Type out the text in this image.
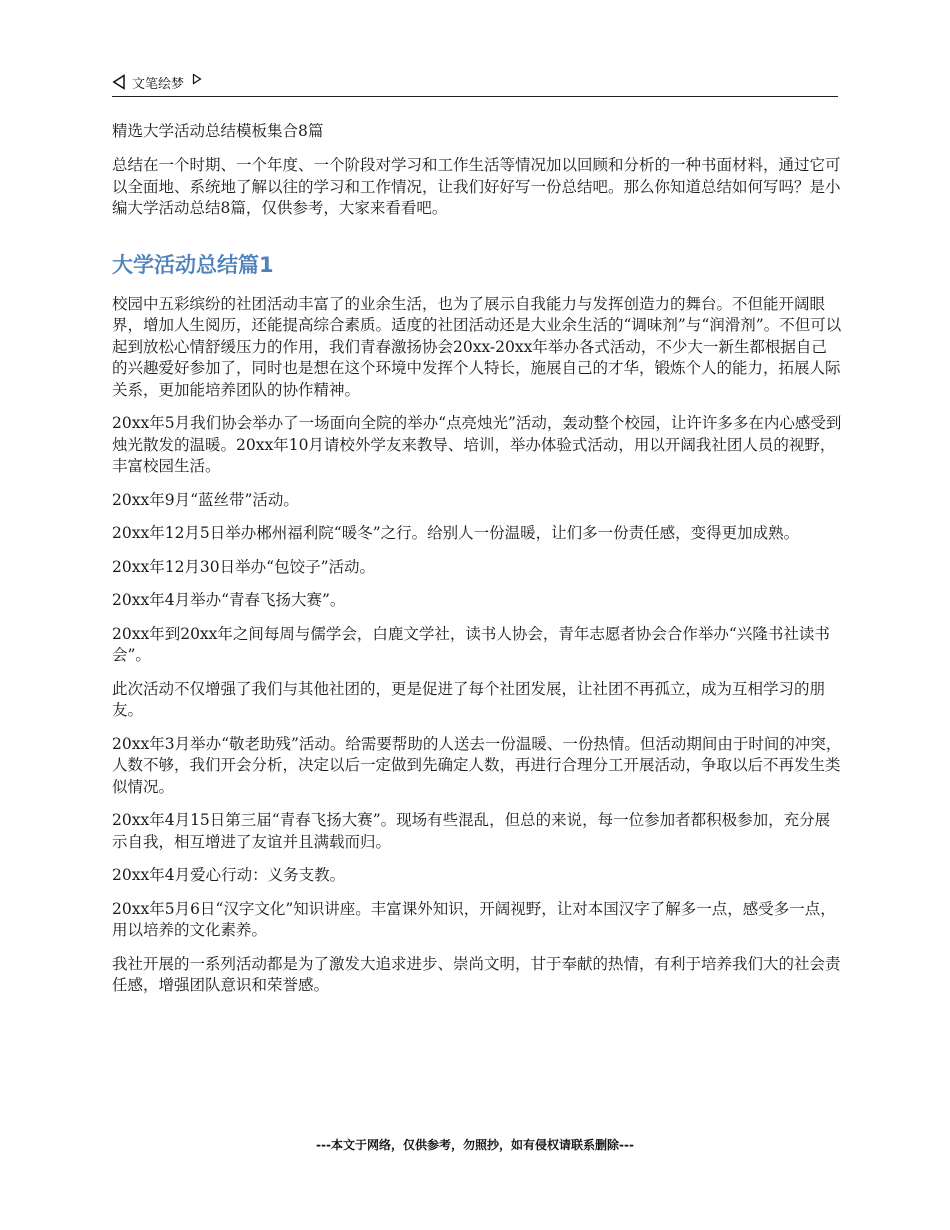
文笔绘梦
精选大学活动总结模板集合8篇

总结在一个时期、一个年度、一个阶段对学习和工作生活等情况加以回顾和分析的一种书面材料，通过它可以全面地、系统地了解以往的学习和工作情况，让我们好好写一份总结吧。那么你知道总结如何写吗？是小编大学活动总结8篇，仅供参考，大家来看看吧。

大学活动总结篇1

校园中五彩缤纷的社团活动丰富了的业余生活，也为了展示自我能力与发挥创造力的舞台。不但能开阔眼界，增加人生阅历，还能提高综合素质。适度的社团活动还是大业余生活的“调味剂”与“润滑剂”。不但可以起到放松心情舒缓压力的作用，我们青春激扬协会20xx-20xx年举办各式活动，不少大一新生都根据自己的兴趣爱好参加了，同时也是想在这个环境中发挥个人特长，施展自己的才华，锻炼个人的能力，拓展人际关系，更加能培养团队的协作精神。

20xx年5月我们协会举办了一场面向全院的举办“点亮烛光”活动，轰动整个校园，让许许多多在内心感受到烛光散发的温暖。20xx年10月请校外学友来教导、培训，举办体验式活动，用以开阔我社团人员的视野，丰富校园生活。

20xx年9月“蓝丝带”活动。

20xx年12月5日举办郴州福利院“暖冬”之行。给别人一份温暖，让们多一份责任感，变得更加成熟。

20xx年12月30日举办“包饺子”活动。

20xx年4月举办“青春飞扬大赛”。

20xx年到20xx年之间每周与儒学会，白鹿文学社，读书人协会，青年志愿者协会合作举办“兴隆书社读书会”。

此次活动不仅增强了我们与其他社团的，更是促进了每个社团发展，让社团不再孤立，成为互相学习的朋友。

20xx年3月举办“敬老助残”活动。给需要帮助的人送去一份温暖、一份热情。但活动期间由于时间的冲突，人数不够，我们开会分析，决定以后一定做到先确定人数，再进行合理分工开展活动，争取以后不再发生类似情况。

20xx年4月15日第三届“青春飞扬大赛”。现场有些混乱，但总的来说，每一位参加者都积极参加，充分展示自我，相互增进了友谊并且满载而归。

20xx年4月爱心行动：义务支教。

20xx年5月6日“汉字文化”知识讲座。丰富课外知识，开阔视野，让对本国汉字了解多一点，感受多一点，用以培养的文化素养。

我社开展的一系列活动都是为了激发大追求进步、崇尚文明，甘于奉献的热情，有利于培养我们大的社会责任感，增强团队意识和荣誉感。

---本文于网络，仅供参考，勿照抄，如有侵权请联系删除---
